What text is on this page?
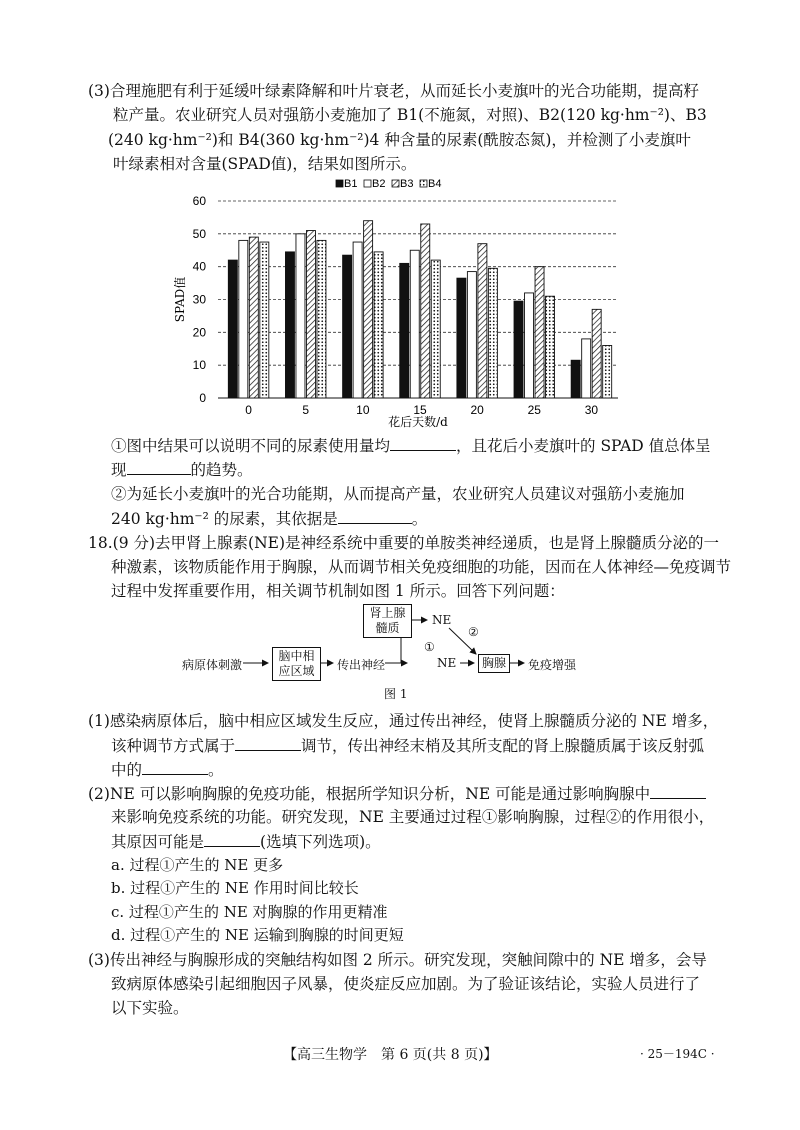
(3)合理施肥有利于延缓叶绿素降解和叶片衰老，从而延长小麦旗叶的光合功能期，提高籽
粒产量。农业研究人员对强筋小麦施加了 B1(不施氮，对照)、B2(120 kg·hm⁻²)、B3
(240 kg·hm⁻²)和 B4(360 kg·hm⁻²)4 种含量的尿素(酰胺态氮)，并检测了小麦旗叶
叶绿素相对含量(SPAD值)，结果如图所示。
0
10
20
30
40
50
60
0	5	10	15	20	25	30
B1 B2 B3 B4
花后天数/d
SPAD值
①图中结果可以说明不同的尿素使用量均	，且花后小麦旗叶的 SPAD 值总体呈
现	的趋势。
②为延长小麦旗叶的光合功能期，从而提高产量，农业研究人员建议对强筋小麦施加
240 kg·hm⁻² 的尿素，其依据是	。
18.(9 分)去甲肾上腺素(NE)是神经系统中重要的单胺类神经递质，也是肾上腺髓质分泌的一
种激素，该物质能作用于胸腺，从而调节相关免疫细胞的功能，因而在人体神经—免疫调节
过程中发挥重要作用，相关调节机制如图 1 所示。回答下列问题：
肾上腺
髓质
NE
②
病原体刺激
脑中相
应区域 传出神经
①
NE 胸腺 免疫增强
图 1
(1)感染病原体后，脑中相应区域发生反应，通过传出神经，使肾上腺髓质分泌的 NE 增多，
该种调节方式属于	调节，传出神经末梢及其所支配的肾上腺髓质属于该反射弧
中的	。
(2)NE 可以影响胸腺的免疫功能，根据所学知识分析，NE 可能是通过影响胸腺中
来影响免疫系统的功能。研究发现，NE 主要通过过程①影响胸腺，过程②的作用很小，
其原因可能是	(选填下列选项)。
a. 过程①产生的 NE 更多
b. 过程①产生的 NE 作用时间比较长
c. 过程①产生的 NE 对胸腺的作用更精准
d. 过程①产生的 NE 运输到胸腺的时间更短
(3)传出神经与胸腺形成的突触结构如图 2 所示。研究发现，突触间隙中的 NE 增多，会导
致病原体感染引起细胞因子风暴，使炎症反应加剧。为了验证该结论，实验人员进行了
以下实验。
【高三生物学　第 6 页(共 8 页)】	· 25－194C ·
